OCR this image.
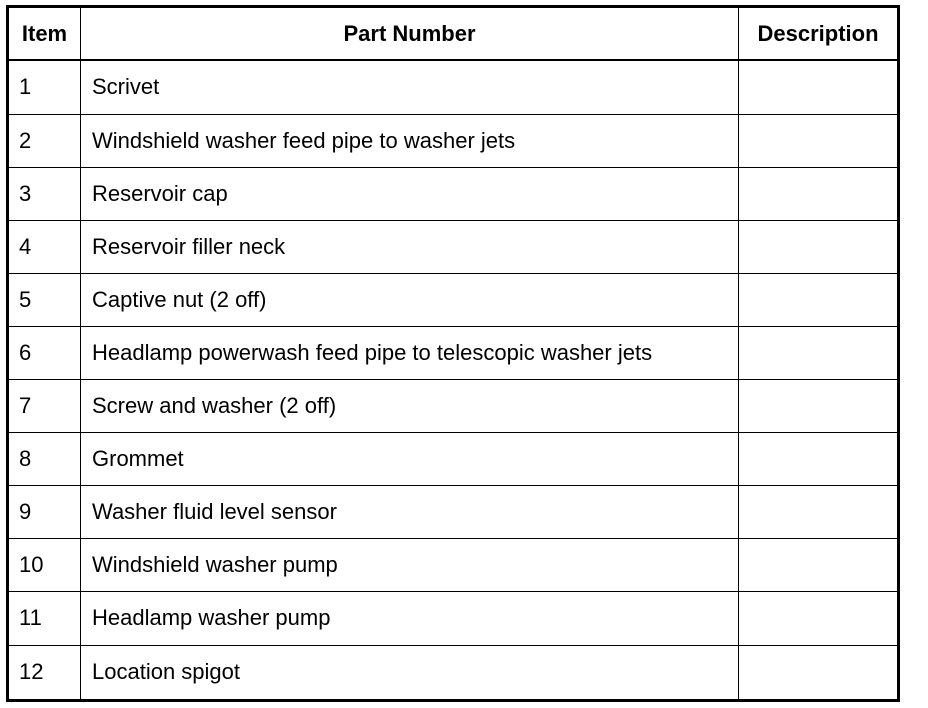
Item	Part Number	Description
1	Scrivet	
2	Windshield washer feed pipe to washer jets	
3	Reservoir cap	
4	Reservoir filler neck	
5	Captive nut (2 off)	
6	Headlamp powerwash feed pipe to telescopic washer jets	
7	Screw and washer (2 off)	
8	Grommet	
9	Washer fluid level sensor	
10	Windshield washer pump	
11	Headlamp washer pump	
12	Location spigot	
